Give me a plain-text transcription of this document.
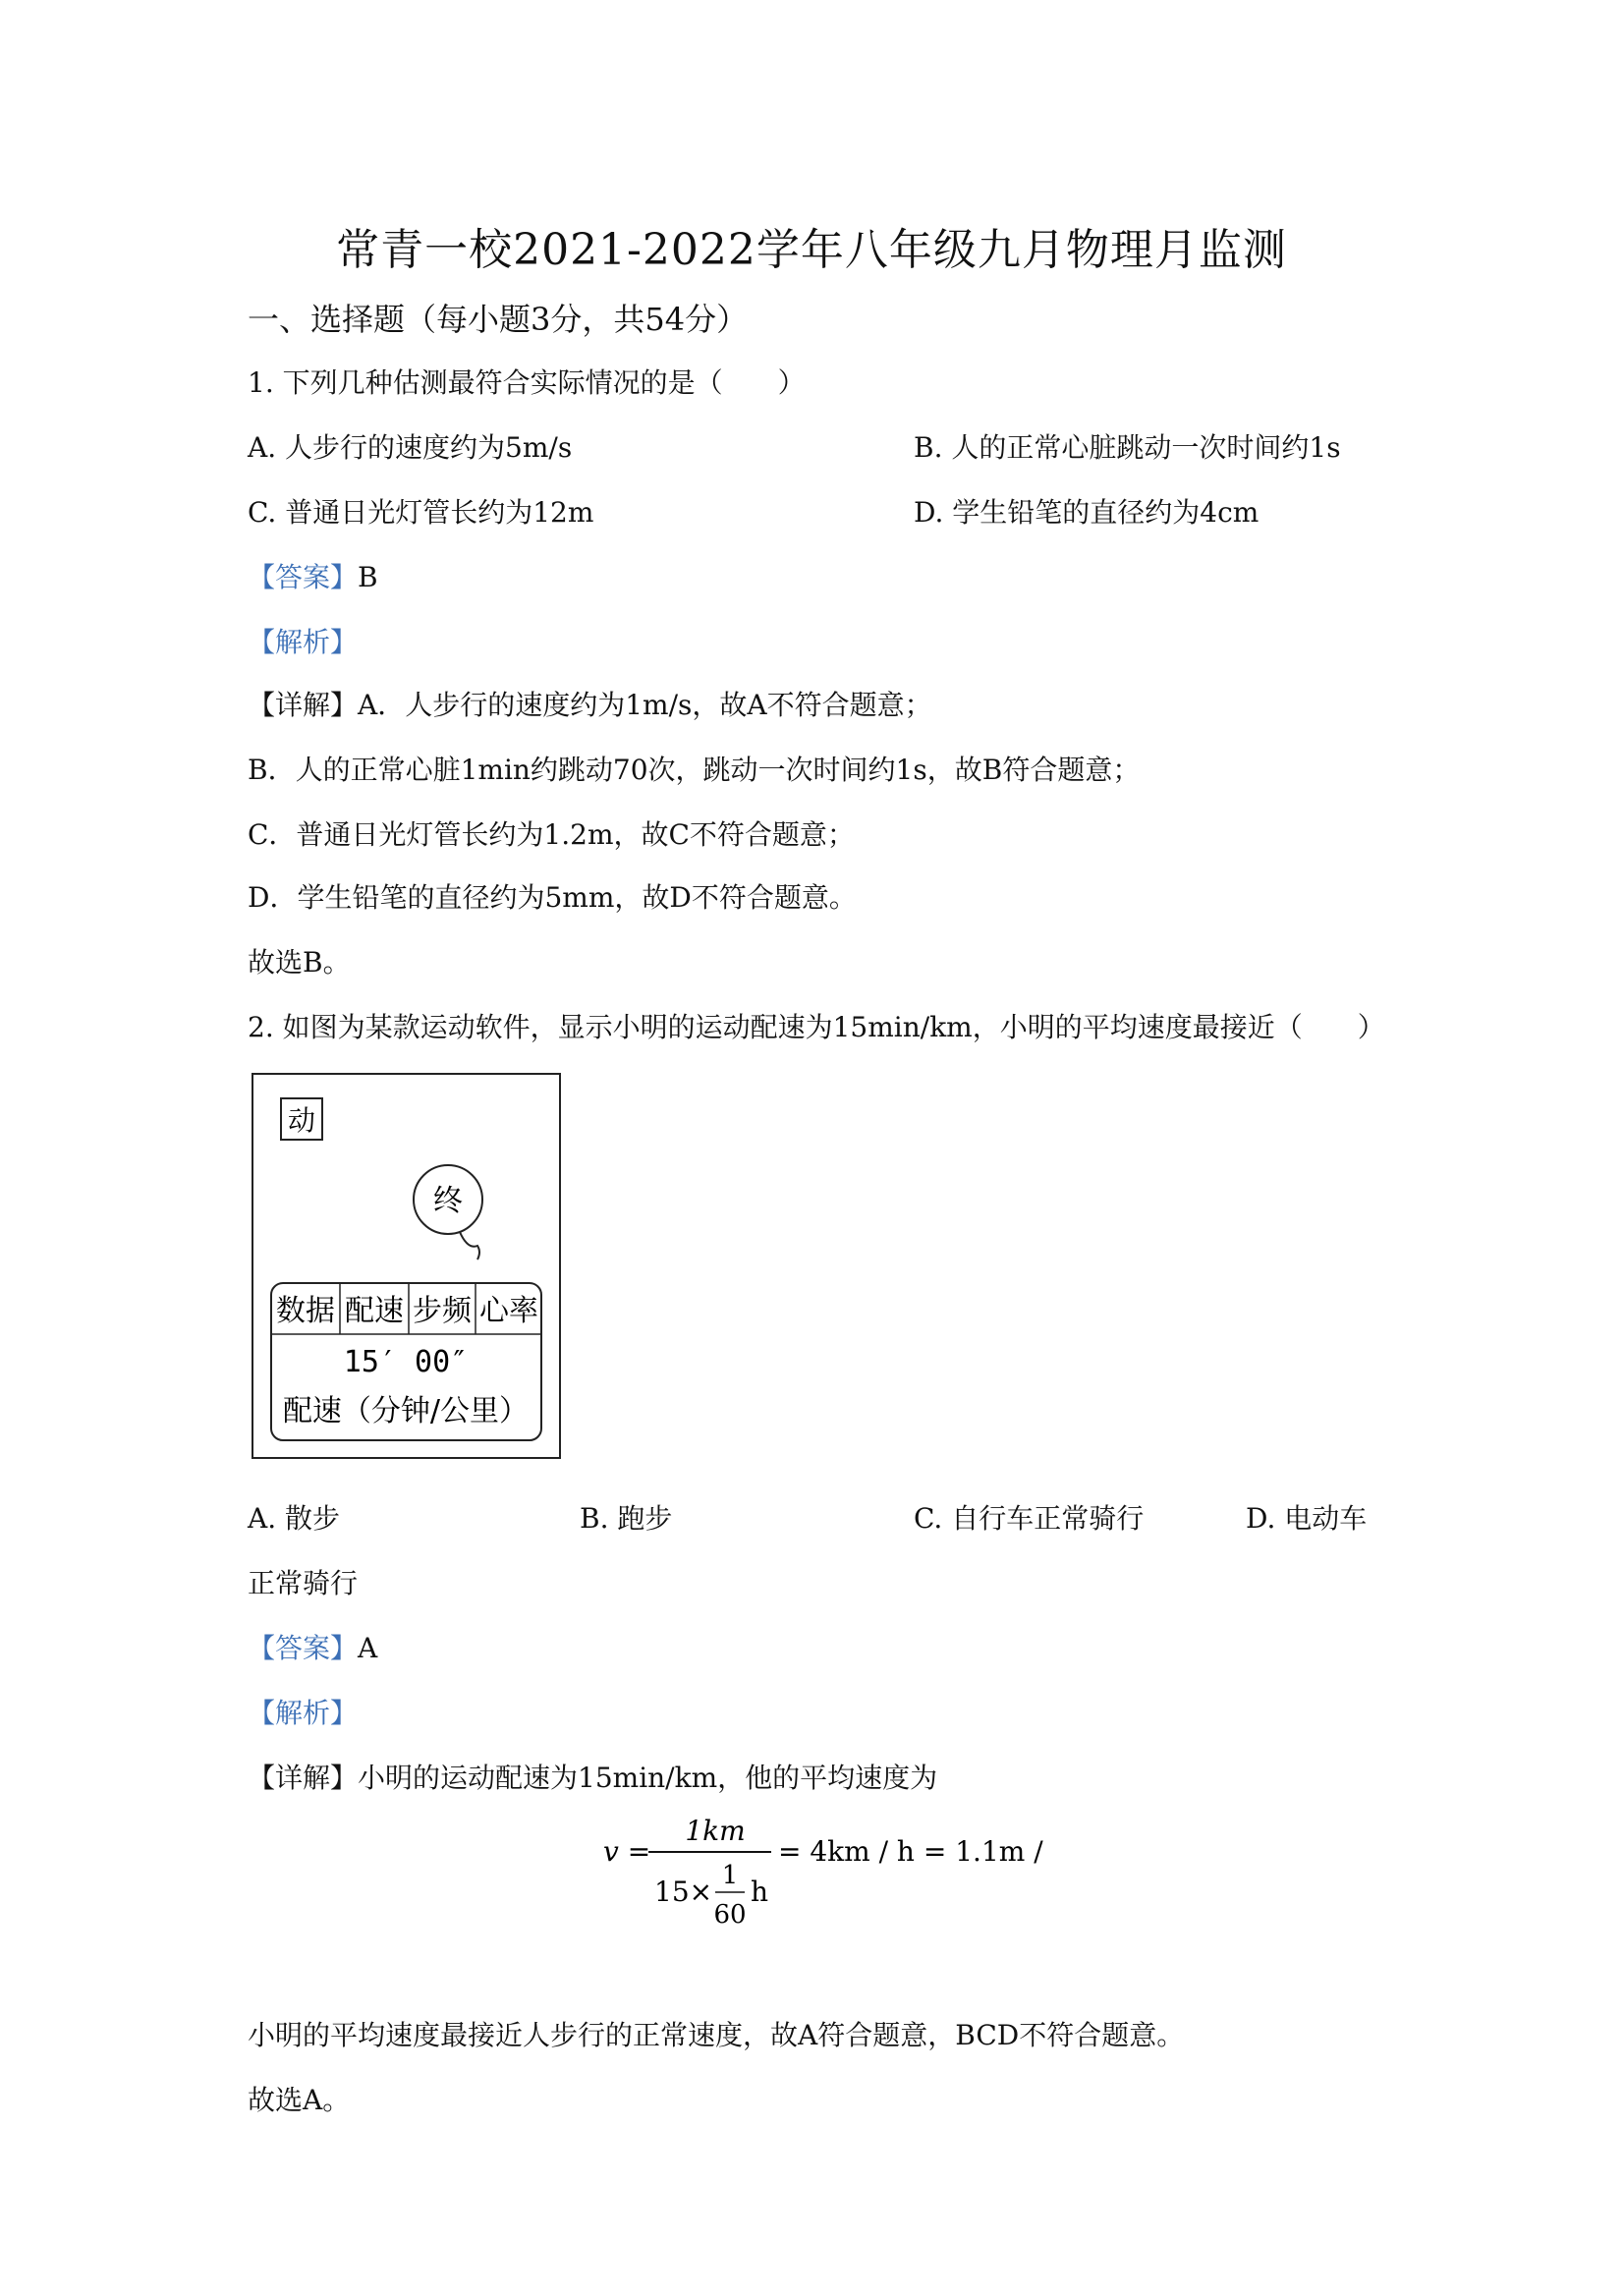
常青一校2021-2022学年八年级九月物理月监测
一、选择题（每小题3分，共54分）
1. 下列几种估测最符合实际情况的是（　　）
A. 人步行的速度约为5m/s	B. 人的正常心脏跳动一次时间约1s
C. 普通日光灯管长约为12m	D. 学生铅笔的直径约为4cm
【答案】B
【解析】
【详解】A．人步行的速度约为1m/s，故A不符合题意；
B．人的正常心脏1min约跳动70次，跳动一次时间约1s，故B符合题意；
C．普通日光灯管长约为1.2m，故C不符合题意；
D．学生铅笔的直径约为5mm，故D不符合题意。
故选B。
2. 如图为某款运动软件，显示小明的运动配速为15min/km，小明的平均速度最接近（　　）
动
终
数据 配速 步频 心率
15′ 00″
配速（分钟/公里）
A. 散步	B. 跑步	C. 自行车正常骑行	D. 电动车
正常骑行
【答案】A
【解析】
【详解】小明的运动配速为15min/km，他的平均速度为
v =
1km
15× 1
60
h
= 4km / h = 1.1m / s
小明的平均速度最接近人步行的正常速度，故A符合题意，BCD不符合题意。
故选A。
